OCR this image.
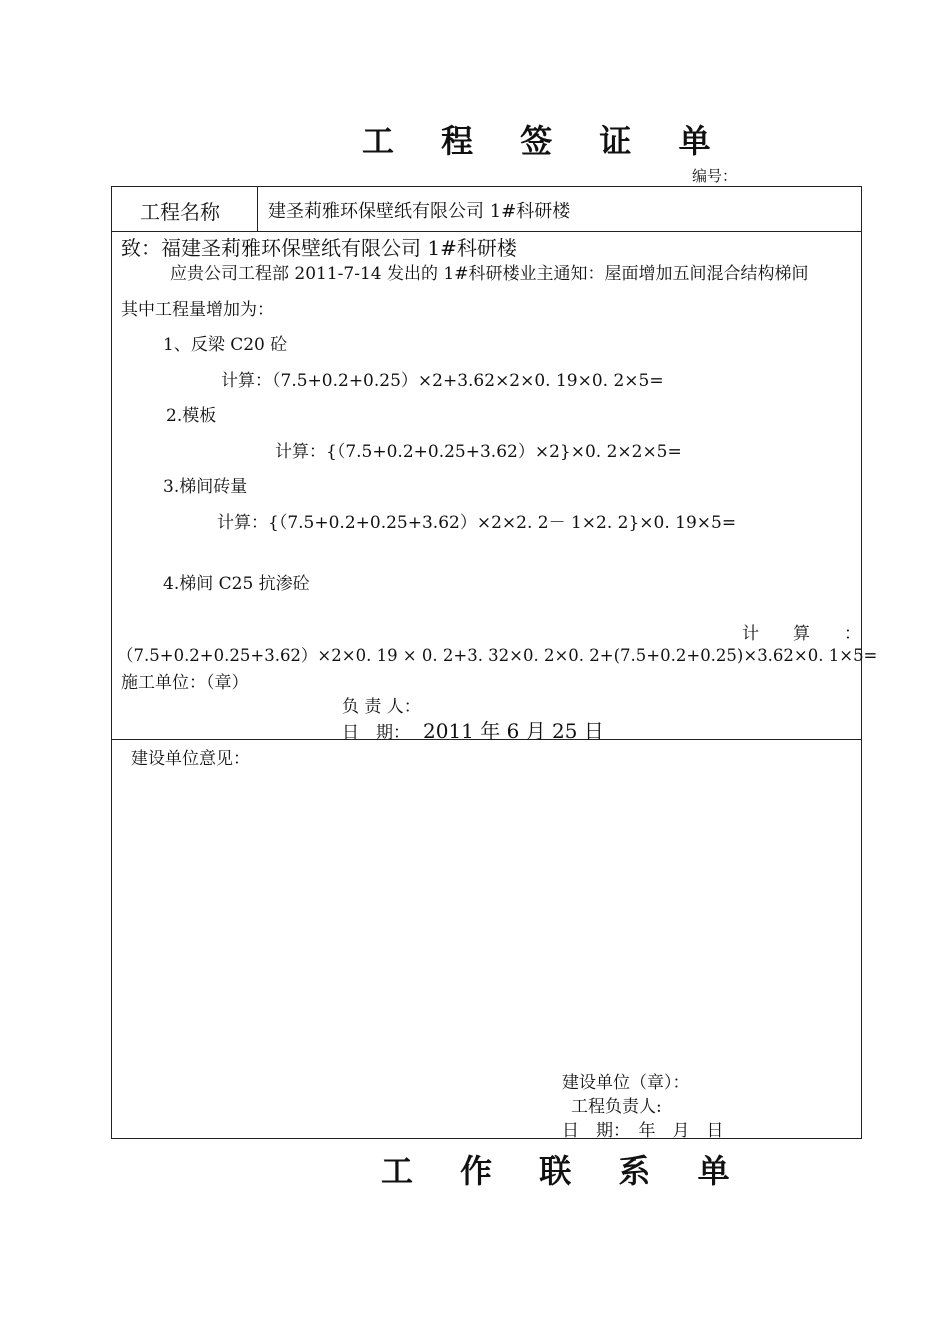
工 程 签 证 单
编号：
工程名称	建圣莉雅环保壁纸有限公司 1#科研楼
致：福建圣莉雅环保壁纸有限公司 1#科研楼
应贵公司工程部 2011-7-14 发出的 1#科研楼业主通知：屋面增加五间混合结构梯间
其中工程量增加为：
1、反梁 C20 砼
计算：（7.5+0.2+0.25）×2+3.62×2×0. 19×0. 2×5=
2.模板
计算：{（7.5+0.2+0.25+3.62）×2}×0. 2×2×5=
3.梯间砖量
计算：{（7.5+0.2+0.25+3.62）×2×2. 2－ 1×2. 2}×0. 19×5=
4.梯间 C25 抗渗砼
计　　算　　：
（7.5+0.2+0.25+3.62）×2×0. 19 × 0. 2+3. 32×0. 2×0. 2+(7.5+0.2+0.25)×3.62×0. 1×5=
施工单位：（章）
负 责 人：
日　期： 2011 年 6 月 25 日
建设单位意见：
建设单位（章）：
工程负责人:
日　期：　年　月　日
工 作 联 系 单
